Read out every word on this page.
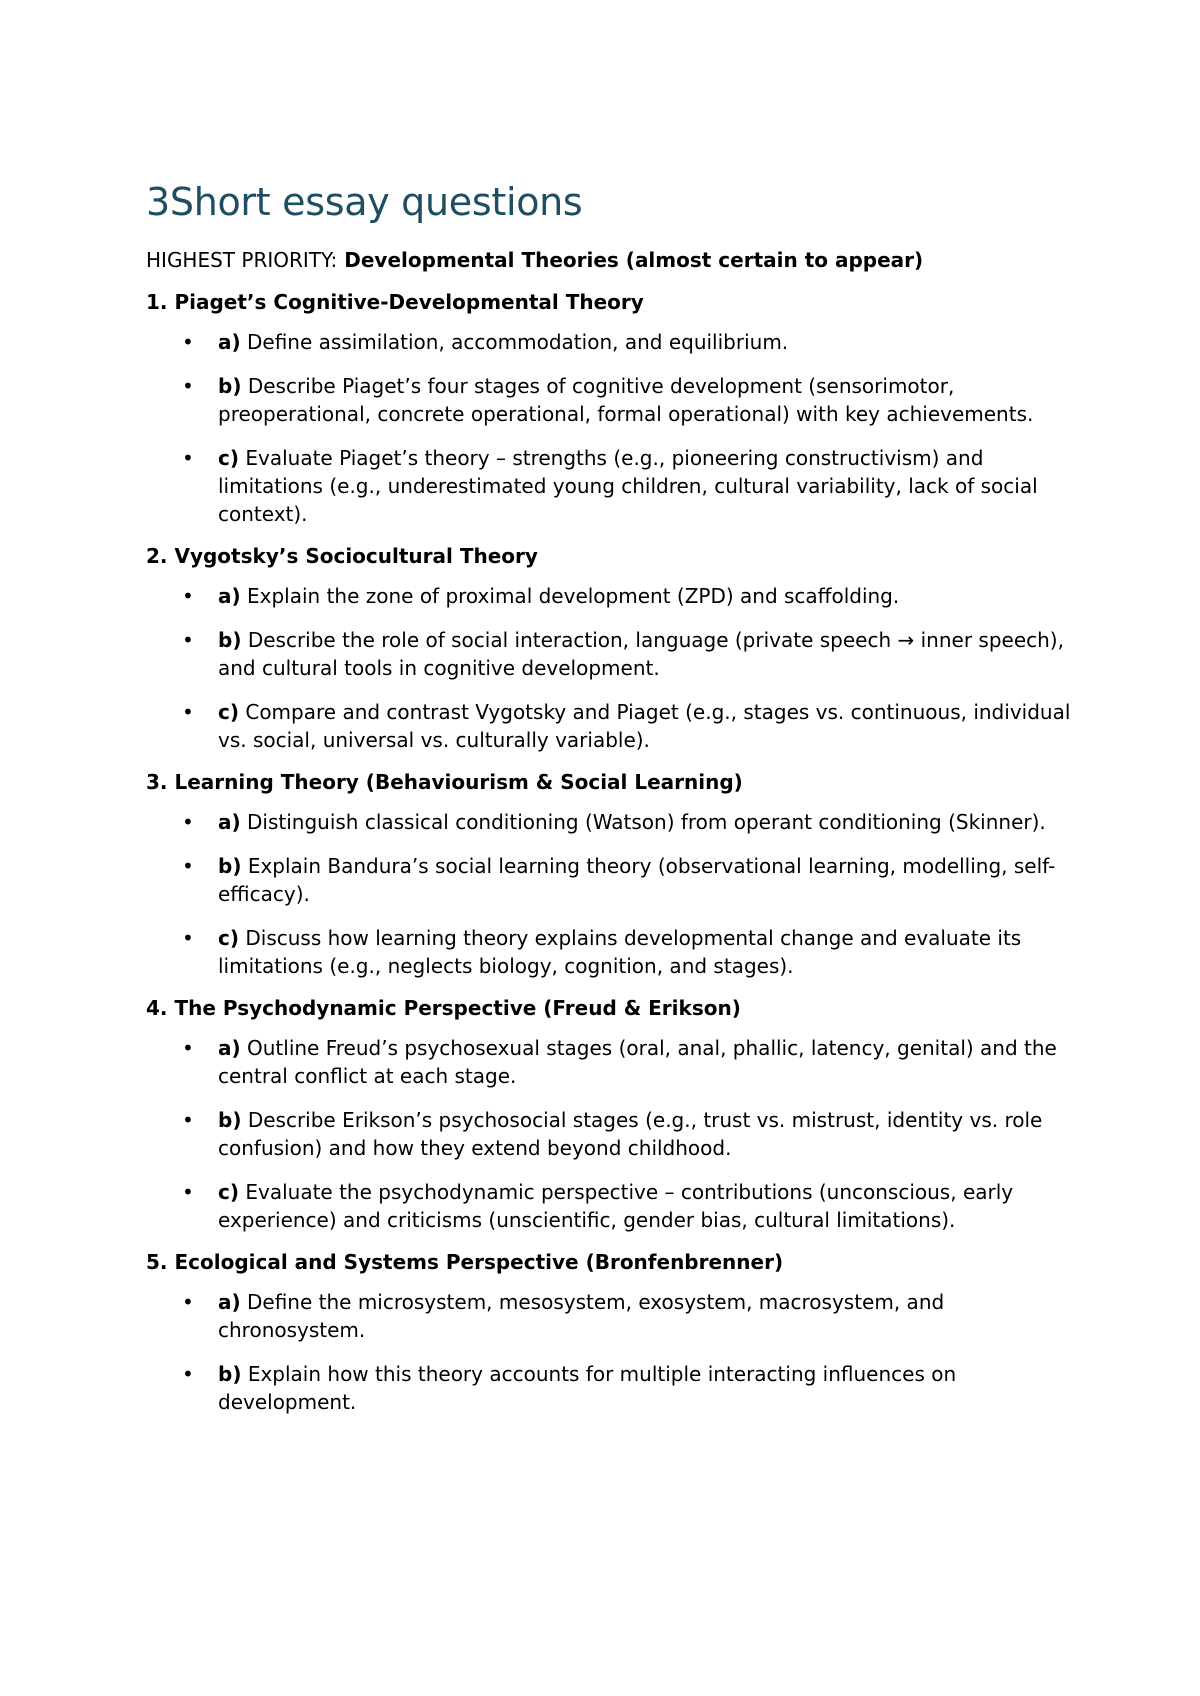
3Short essay questions

HIGHEST PRIORITY: Developmental Theories (almost certain to appear)

1. Piaget’s Cognitive-Developmental Theory

•	a) Define assimilation, accommodation, and equilibrium.
•	b) Describe Piaget’s four stages of cognitive development (sensorimotor, preoperational, concrete operational, formal operational) with key achievements.
•	c) Evaluate Piaget’s theory – strengths (e.g., pioneering constructivism) and limitations (e.g., underestimated young children, cultural variability, lack of social context).

2. Vygotsky’s Sociocultural Theory

•	a) Explain the zone of proximal development (ZPD) and scaffolding.
•	b) Describe the role of social interaction, language (private speech → inner speech), and cultural tools in cognitive development.
•	c) Compare and contrast Vygotsky and Piaget (e.g., stages vs. continuous, individual vs. social, universal vs. culturally variable).

3. Learning Theory (Behaviourism & Social Learning)

•	a) Distinguish classical conditioning (Watson) from operant conditioning (Skinner).
•	b) Explain Bandura’s social learning theory (observational learning, modelling, self-efficacy).
•	c) Discuss how learning theory explains developmental change and evaluate its limitations (e.g., neglects biology, cognition, and stages).

4. The Psychodynamic Perspective (Freud & Erikson)

•	a) Outline Freud’s psychosexual stages (oral, anal, phallic, latency, genital) and the central conflict at each stage.
•	b) Describe Erikson’s psychosocial stages (e.g., trust vs. mistrust, identity vs. role confusion) and how they extend beyond childhood.
•	c) Evaluate the psychodynamic perspective – contributions (unconscious, early experience) and criticisms (unscientific, gender bias, cultural limitations).

5. Ecological and Systems Perspective (Bronfenbrenner)

•	a) Define the microsystem, mesosystem, exosystem, macrosystem, and chronosystem.
•	b) Explain how this theory accounts for multiple interacting influences on development.
